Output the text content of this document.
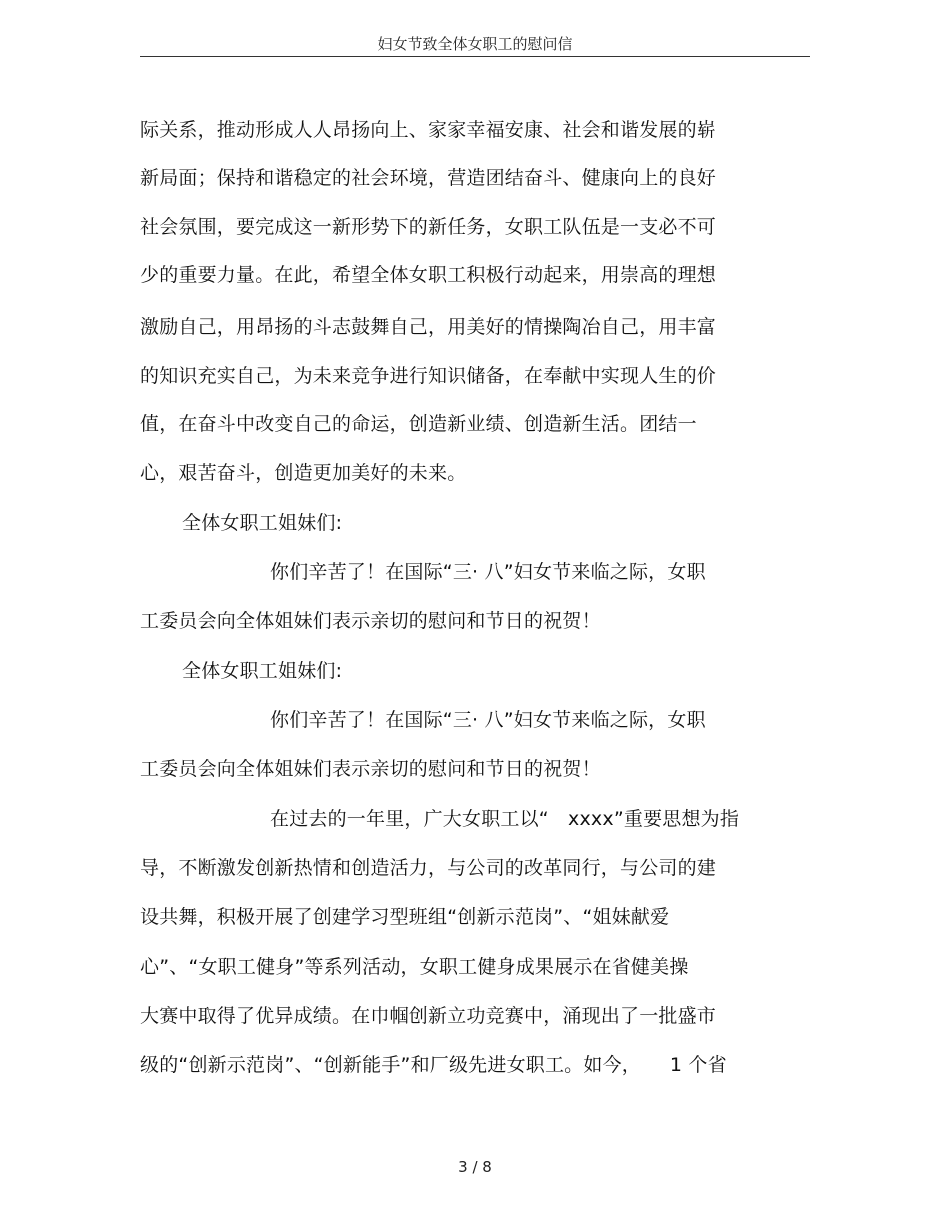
妇女节致全体女职工的慰问信
际关系，推动形成人人昂扬向上、家家幸福安康、社会和谐发展的崭
新局面；保持和谐稳定的社会环境，营造团结奋斗、健康向上的良好
社会氛围，要完成这一新形势下的新任务，女职工队伍是一支必不可
少的重要力量。在此，希望全体女职工积极行动起来，用崇高的理想
激励自己，用昂扬的斗志鼓舞自己，用美好的情操陶冶自己，用丰富
的知识充实自己，为未来竞争进行知识储备，在奉献中实现人生的价
值，在奋斗中改变自己的命运，创造新业绩、创造新生活。团结一
心，艰苦奋斗，创造更加美好的未来。
全体女职工姐妹们:
你们辛苦了！在国际“三· 八”妇女节来临之际，女职
工委员会向全体姐妹们表示亲切的慰问和节日的祝贺！
全体女职工姐妹们:
你们辛苦了！在国际“三· 八”妇女节来临之际，女职
工委员会向全体姐妹们表示亲切的慰问和节日的祝贺！
在过去的一年里，广大女职工以“　xxxx”重要思想为指
导，不断激发创新热情和创造活力，与公司的改革同行，与公司的建
设共舞，积极开展了创建学习型班组“创新示范岗”、“姐妹献爱
心”、“女职工健身”等系列活动，女职工健身成果展示在省健美操
大赛中取得了优异成绩。在巾帼创新立功竞赛中，涌现出了一批盛市
级的“创新示范岗”、“创新能手”和厂级先进女职工。如今，　　1 个省
3 / 8
